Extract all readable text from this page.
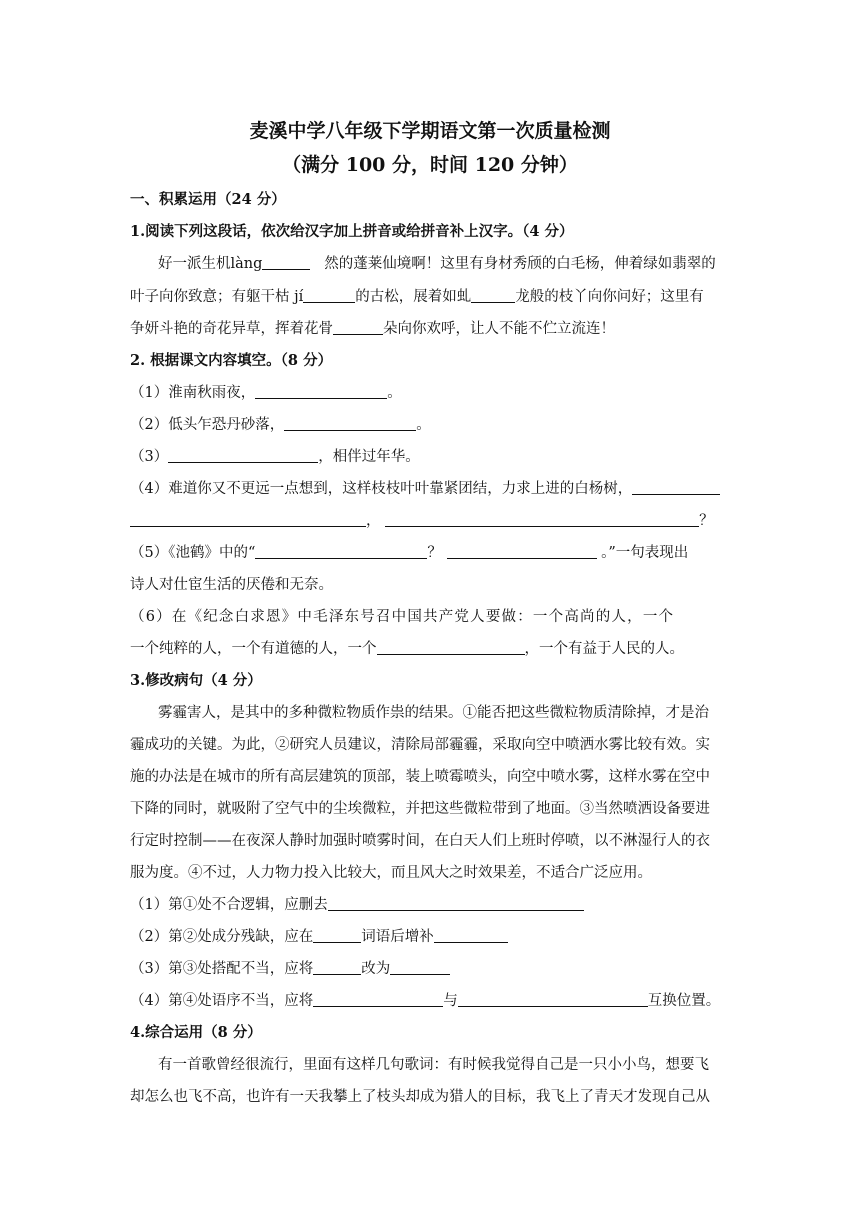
麦溪中学八年级下学期语文第一次质量检测
（满分 100 分，时间 120 分钟）
一、积累运用（24 分）
1.阅读下列这段话，依次给汉字加上拼音或给拼音补上汉字。（4 分）
好一派生机làng	然的蓬莱仙境啊！这里有身材秀颀的白毛杨，伸着绿如翡翠的
叶子向你致意；有躯干枯 jí	的古松，展着如虬	龙般的枝丫向你问好；这里有
争妍斗艳的奇花异草，挥着花骨	朵向你欢呼，让人不能不伫立流连！
2. 根据课文内容填空。（8 分）
（1）淮南秋雨夜，	。
（2）低头乍恐丹砂落，	。
（3）	，相伴过年华。
（4）难道你又不更远一点想到，这样枝枝叶叶靠紧团结，力求上进的白杨树，
，	？
（5）《池鹤》中的“	？	。”一句表现出
诗人对仕宦生活的厌倦和无奈。
（6）在《纪念白求恩》中毛泽东号召中国共产党人要做：一个高尚的人，一个
一个纯粹的人，一个有道德的人，一个	，一个有益于人民的人。
3.修改病句（4 分）
雾霾害人，是其中的多种微粒物质作祟的结果。①能否把这些微粒物质清除掉，才是治
霾成功的关键。为此，②研究人员建议，清除局部霾霾，采取向空中喷洒水雾比较有效。实
施的办法是在城市的所有高层建筑的顶部，装上喷霉喷头，向空中喷水雾，这样水雾在空中
下降的同时，就吸附了空气中的尘埃微粒，并把这些微粒带到了地面。③当然喷洒设备要进
行定时控制——在夜深人静时加强时喷雾时间，在白天人们上班时停喷，以不淋湿行人的衣
服为度。④不过，人力物力投入比较大，而且风大之时效果差，不适合广泛应用。
（1）第①处不合逻辑，应删去
（2）第②处成分残缺，应在	词语后增补
（3）第③处搭配不当，应将	改为
（4）第④处语序不当，应将	与	互换位置。
4.综合运用（8 分）
有一首歌曾经很流行，里面有这样几句歌词：有时候我觉得自己是一只小小鸟，想要飞
却怎么也飞不高，也许有一天我攀上了枝头却成为猎人的目标，我飞上了青天才发现自己从
